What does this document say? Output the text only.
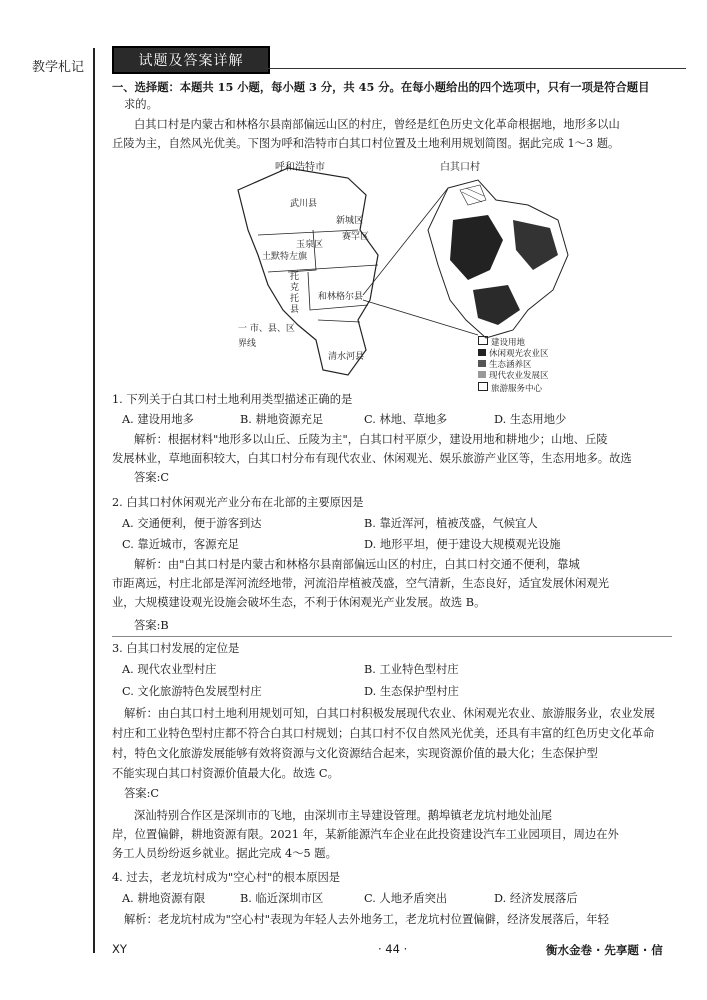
教学札记	试题及答案详解
一、选择题：本题共 15 小题，每小题 3 分，共 45 分。在每小题给出的四个选项中，只有一项是符合题目
求的。
白其口村是内蒙古和林格尔县南部偏远山区的村庄，曾经是红色历史文化革命根据地，地形多以山
丘陵为主，自然风光优美。下图为呼和浩特市白其口村位置及土地利用规划简图。据此完成 1～3 题。
呼和浩特市	白其口村
武川县
新城区
赛罕区
玉泉区
土默特左旗
托克托县
和林格尔县
清水河县
一 市、县、区界线	建设用地
休闲观光农业区
生态涵养区
现代农业发展区
旅游服务中心
1. 下列关于白其口村土地利用类型描述正确的是
A. 建设用地多	B. 耕地资源充足	C. 林地、草地多	D. 生态用地少
解析：根据材料"地形多以山丘、丘陵为主"，白其口村平原少，建设用地和耕地少；山地、丘陵
发展林业，草地面积较大，白其口村分布有现代农业、休闲观光、娱乐旅游产业区等，生态用地多。故选
答案:C
2. 白其口村休闲观光产业分布在北部的主要原因是
A. 交通便利，便于游客到达	B. 靠近浑河，植被茂盛，气候宜人
C. 靠近城市，客源充足	D. 地形平坦，便于建设大规模观光设施
解析：由"白其口村是内蒙古和林格尔县南部偏远山区的村庄，白其口村交通不便利，靠城
市距离远，村庄北部是浑河流经地带，河流沿岸植被茂盛，空气清新，生态良好，适宜发展休闲观光
业，大规模建设观光设施会破坏生态，不利于休闲观光产业发展。故选 B。
答案:B
3. 白其口村发展的定位是
A. 现代农业型村庄	B. 工业特色型村庄
C. 文化旅游特色发展型村庄	D. 生态保护型村庄
解析：由白其口村土地利用规划可知，白其口村积极发展现代农业、休闲观光农业、旅游服务业，农业发展
村庄和工业特色型村庄都不符合白其口村规划；白其口村不仅自然风光优美，还具有丰富的红色历史文化革命
村，特色文化旅游发展能够有效将资源与文化资源结合起来，实现资源价值的最大化；生态保护型
不能实现白其口村资源价值最大化。故选 C。
答案:C
深汕特别合作区是深圳市的飞地，由深圳市主导建设管理。鹅埠镇老龙坑村地处汕尾
岸，位置偏僻，耕地资源有限。2021 年，某新能源汽车企业在此投资建设汽车工业园项目，周边在外
务工人员纷纷返乡就业。据此完成 4～5 题。
4. 过去，老龙坑村成为"空心村"的根本原因是
A. 耕地资源有限	B. 临近深圳市区	C. 人地矛盾突出	D. 经济发展落后
解析：老龙坑村成为"空心村"表现为年轻人去外地务工，老龙坑村位置偏僻，经济发展落后，年轻
XY	· 44 ·	衡水金卷 · 先享题 · 信
